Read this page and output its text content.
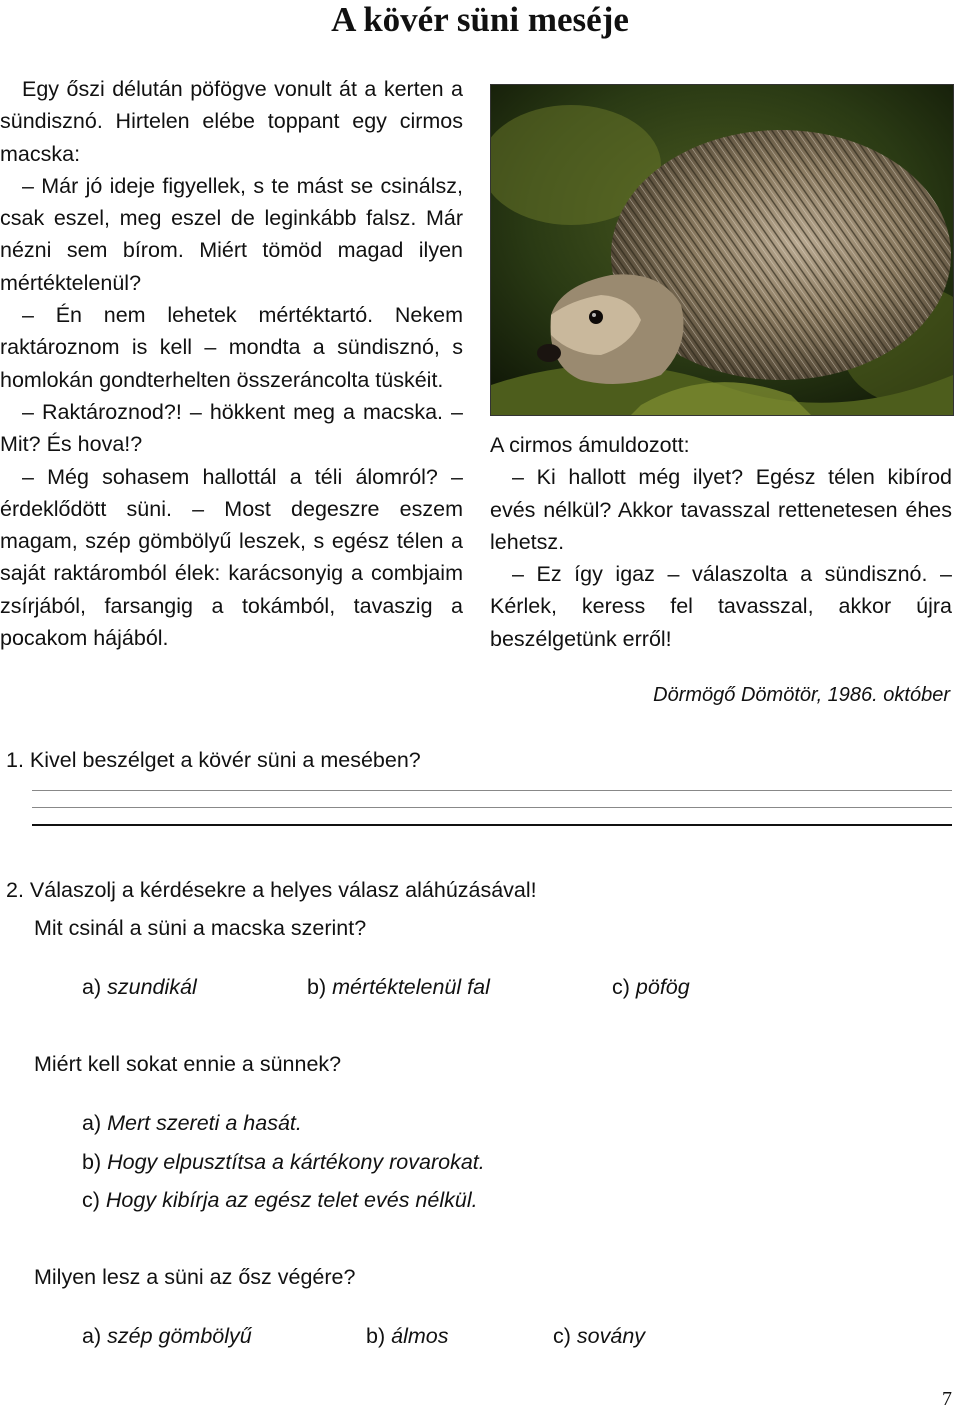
A kövér süni meséje

Egy őszi délután pöfögve vonult át a kerten a sündisznó. Hirtelen elébe toppant egy cirmos macska:

– Már jó ideje figyellek, s te mást se csinálsz, csak eszel, meg eszel de leginkább falsz. Már nézni sem bírom. Miért tömöd magad ilyen mértéktelenül?

– Én nem lehetek mértéktartó. Nekem raktároznom is kell – mondta a sündisznó, s homlokán gondterhelten összeráncolta tüskéit.

– Raktároznod?! – hökkent meg a macska. – Mit? És hova!?

– Még sohasem hallottál a téli álomról? – érdeklődött süni. – Most degeszre eszem magam, szép gömbölyű leszek, s egész télen a saját raktáromból élek: karácsonyig a combjaim zsírjából, farsangig a tokámból, tavaszig a pocakom hájából.

A cirmos ámuldozott:

– Ki hallott még ilyet? Egész télen kibírod evés nélkül? Akkor tavasszal rettenetesen éhes lehetsz.

– Ez így igaz – válaszolta a sündisznó. – Kérlek, keress fel tavasszal, akkor újra beszélgetünk erről!

Dörmögő Dömötör, 1986. október
1. Kivel beszélget a kövér süni a mesében?
2. Válaszolj a kérdésekre a helyes válasz aláhúzásával!
Mit csinál a süni a macska szerint?
a) szundikál	b) mértéktelenül fal	c) pöfög
Miért kell sokat ennie a sünnek?
a) Mert szereti a hasát.
b) Hogy elpusztítsa a kártékony rovarokat.
c) Hogy kibírja az egész telet evés nélkül.
Milyen lesz a süni az ősz végére?
a) szép gömbölyű	b) álmos	c) sovány
7
